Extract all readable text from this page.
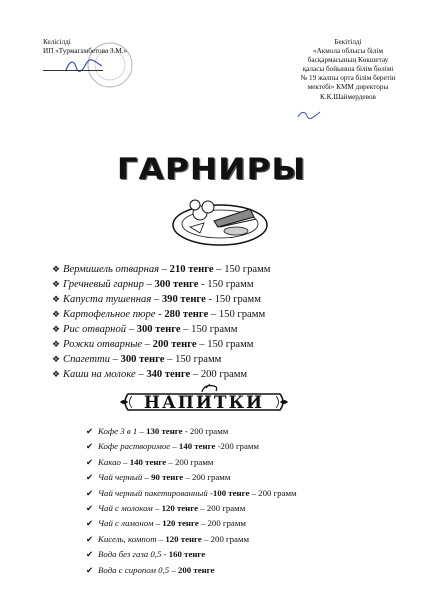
Келісілді
ИП «Турмагамбетова З.М.»
Бекітілді
«Акмола облысы білім
басқармасының Көкшетау
қаласы бойынша білім бөлімі
№ 19 жалпы орта білім беретін
мектебі» КММ директоры
К.К.Шаймердевов
ГАРНИРЫ
❖ Вермишель отварная – 210 тенге – 150 грамм
❖ Гречневый гарнир – 300 тенге - 150 грамм
❖ Капуста тушенная – 390 тенге - 150 грамм
❖ Картофельное пюре - 280 тенге – 150 грамм
❖ Рис отварной – 300 тенге – 150 грамм
❖ Рожки отварные – 200 тенге – 150 грамм
❖ Спагетти – 300 тенге – 150 грамм
❖ Каши на молоке – 340 тенге – 200 грамм
НАПИТКИ
✔ Кофе 3 в 1 – 130 тенге - 200 грамм
✔ Кофе растворимое – 140 тенге -200 грамм
✔ Какао – 140 тенге – 200 грамм
✔ Чай черный – 90 тенге – 200 грамм
✔ Чай черный пакетированный -100 тенге – 200 грамм
✔ Чай с молоком – 120 тенге – 200 грамм
✔ Чай с лимоном – 120 тенге – 200 грамм
✔ Кисель, компот – 120 тенге – 200 грамм
✔ Вода без газа 0,5 - 160 тенге
✔ Вода с сиропом 0,5 – 200 тенге
